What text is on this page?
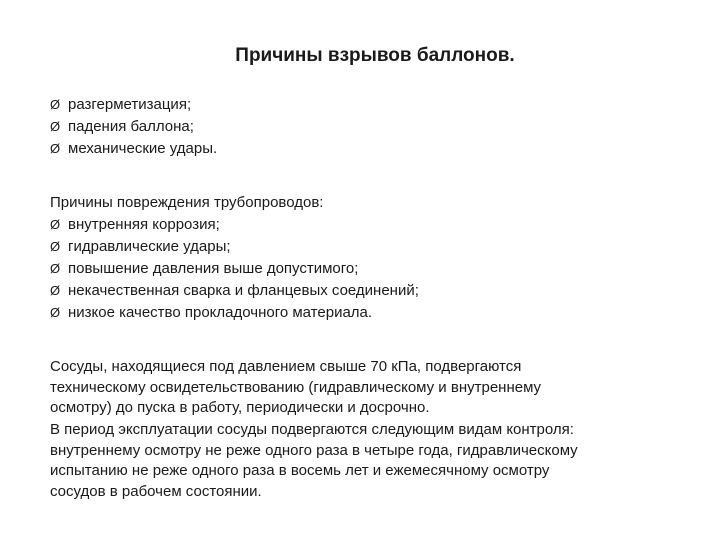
Причины взрывов баллонов.
Ø разгерметизация;
Ø падения баллона;
Ø механические удары.
Причины повреждения трубопроводов:
Ø внутренняя коррозия;
Ø гидравлические удары;
Ø повышение давления выше допустимого;
Ø некачественная сварка и фланцевых соединений;
Ø низкое качество прокладочного материала.
Сосуды, находящиеся под давлением свыше 70 кПа, подвергаются
техническому освидетельствованию (гидравлическому и внутреннему
осмотру) до пуска в работу, периодически и досрочно.
В период эксплуатации сосуды подвергаются следующим видам контроля:
внутреннему осмотру не реже одного раза в четыре года, гидравлическому
испытанию не реже одного раза в восемь лет и ежемесячному осмотру
сосудов в рабочем состоянии.
